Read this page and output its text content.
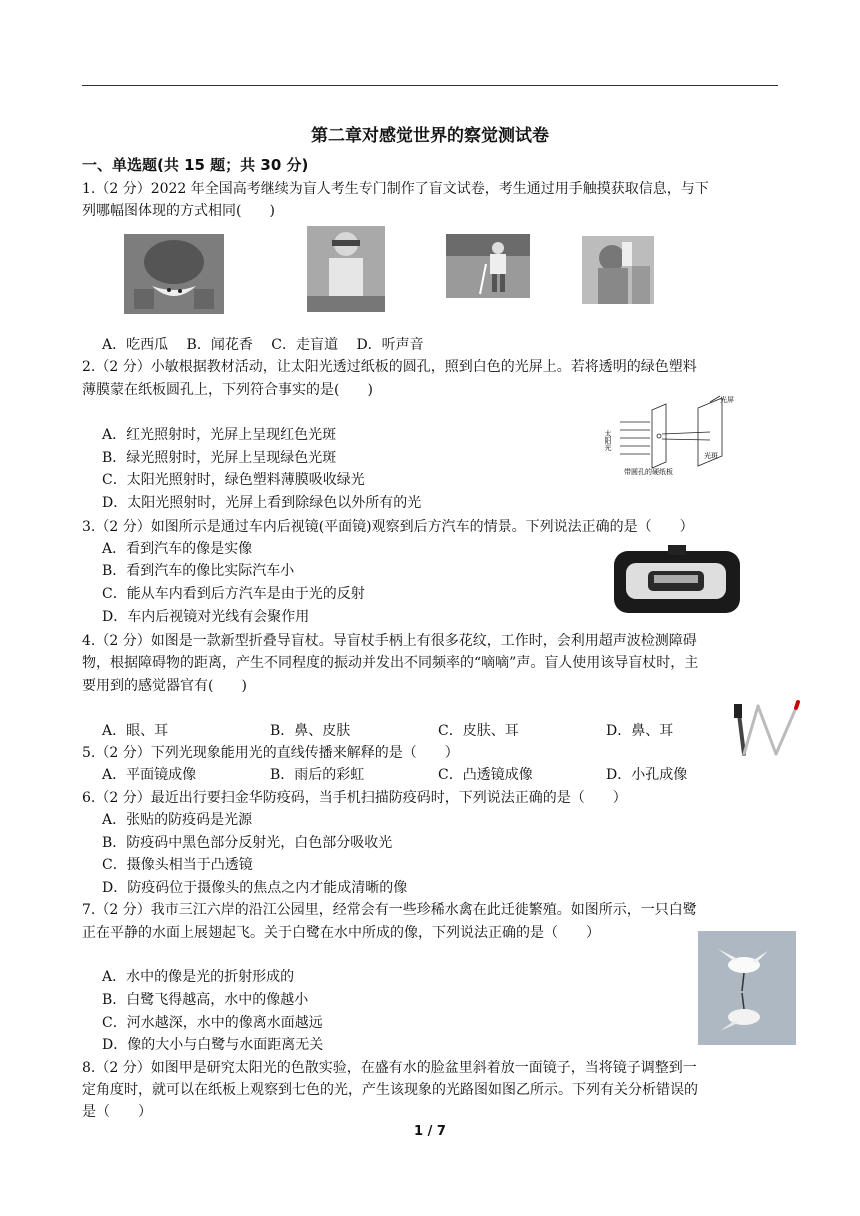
第二章对感觉世界的察觉测试卷
一、单选题(共 15 题；共 30 分)
1.（2 分）2022 年全国高考继续为盲人考生专门制作了盲文试卷，考生通过用手触摸获取信息，与下
列哪幅图体现的方式相同(　　)
A．吃西瓜　 B．闻花香　 C．走盲道　 D．听声音
2.（2 分）小敏根据教材活动，让太阳光透过纸板的圆孔，照到白色的光屏上。若将透明的绿色塑料
薄膜蒙在纸板圆孔上，下列符合事实的是(　　)
A．红光照射时，光屏上呈现红色光斑
B．绿光照射时，光屏上呈现绿色光斑
C．太阳光照射时，绿色塑料薄膜吸收绿光
D．太阳光照射时，光屏上看到除绿色以外所有的光
太阳光
光屏
光斑
带圆孔的硬纸板
3.（2 分）如图所示是通过车内后视镜(平面镜)观察到后方汽车的情景。下列说法正确的是（　　）
A．看到汽车的像是实像
B．看到汽车的像比实际汽车小
C．能从车内看到后方汽车是由于光的反射
D．车内后视镜对光线有会聚作用
4.（2 分）如图是一款新型折叠导盲杖。导盲杖手柄上有很多花纹，工作时，会利用超声波检测障碍
物，根据障碍物的距离，产生不同程度的振动并发出不同频率的“嘀嘀”声。盲人使用该导盲杖时，主
要用到的感觉器官有(　　)
A．眼、耳	B．鼻、皮肤	C．皮肤、耳	D．鼻、耳
5.（2 分）下列光现象能用光的直线传播来解释的是（　　）
A．平面镜成像	B．雨后的彩虹	C．凸透镜成像	D．小孔成像
6.（2 分）最近出行要扫金华防疫码，当手机扫描防疫码时，下列说法正确的是（　　）
A．张贴的防疫码是光源
B．防疫码中黑色部分反射光，白色部分吸收光
C．摄像头相当于凸透镜
D．防疫码位于摄像头的焦点之内才能成清晰的像
7.（2 分）我市三江六岸的沿江公园里，经常会有一些珍稀水禽在此迁徙繁殖。如图所示，一只白鹭
正在平静的水面上展翅起飞。关于白鹭在水中所成的像，下列说法正确的是（　　）
A．水中的像是光的折射形成的
B．白鹭飞得越高，水中的像越小
C．河水越深，水中的像离水面越远
D．像的大小与白鹭与水面距离无关
8.（2 分）如图甲是研究太阳光的色散实验，在盛有水的脸盆里斜着放一面镜子，当将镜子调整到一
定角度时，就可以在纸板上观察到七色的光，产生该现象的光路图如图乙所示。下列有关分析错误的
是（　　）
1 / 7
